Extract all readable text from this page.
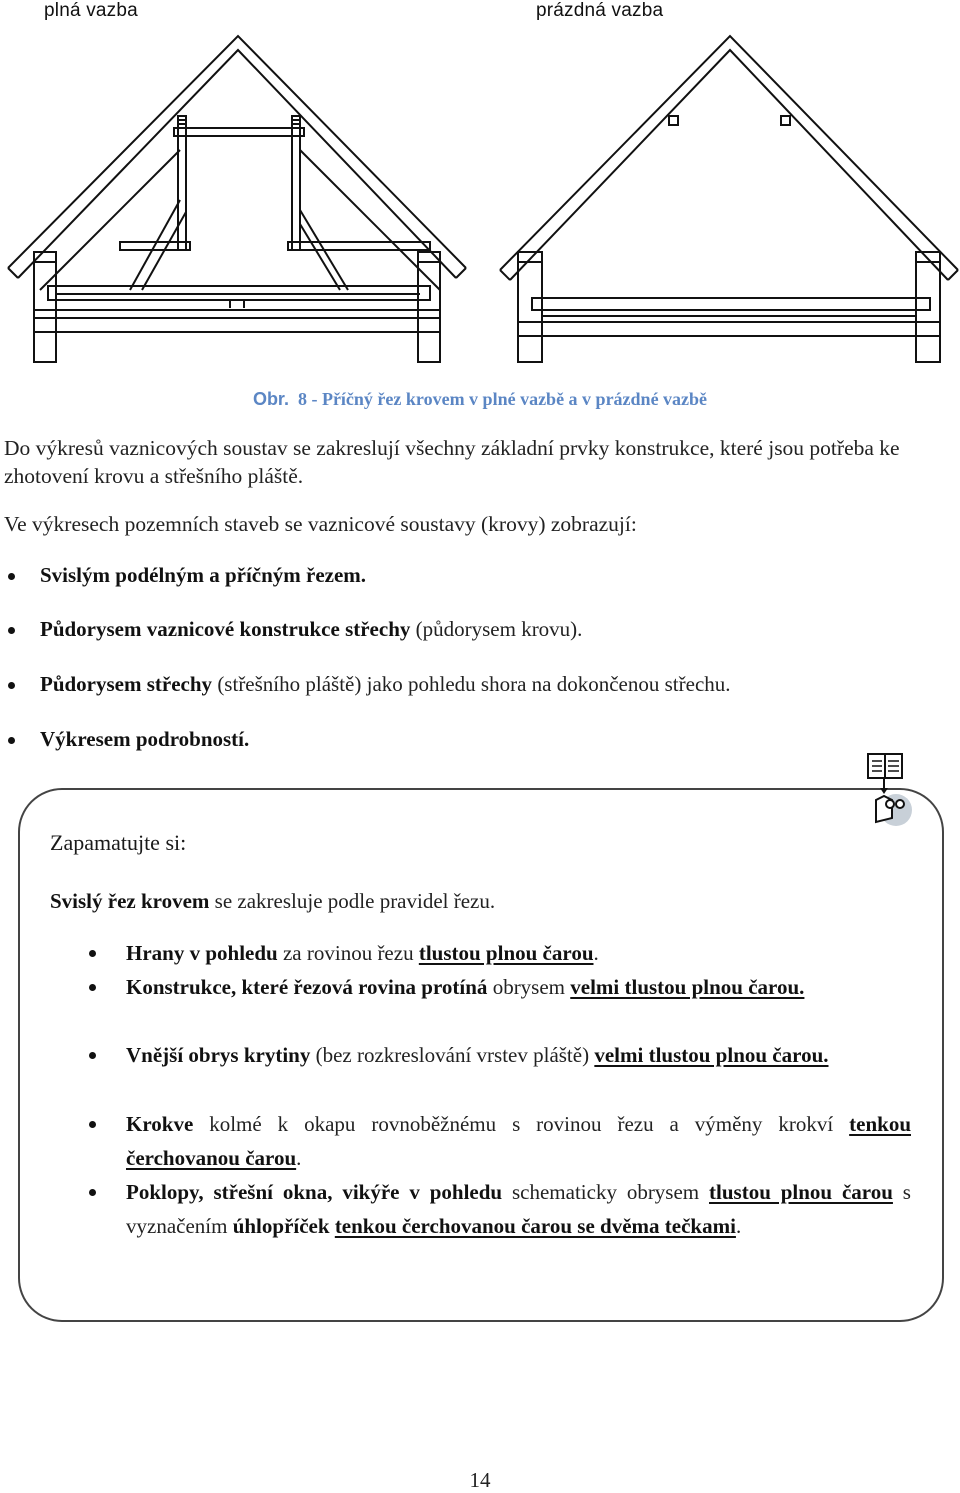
plná vazba	prázdná vazba
Obr. 8 - Příčný řez krovem v plné vazbě a v prázdné vazbě
Do výkresů vaznicových soustav se zakreslují všechny základní prvky konstrukce, které jsou potřeba ke zhotovení krovu a střešního pláště.
Ve výkresech pozemních staveb se vaznicové soustavy (krovy) zobrazují:
Svislým podélným a příčným řezem.
Půdorysem vaznicové konstrukce střechy (půdorysem krovu).
Půdorysem střechy (střešního pláště) jako pohledu shora na dokončenou střechu.
Výkresem podrobností.
Zapamatujte si:
Svislý řez krovem se zakresluje podle pravidel řezu.
Hrany v pohledu za rovinou řezu tlustou plnou čarou.
Konstrukce, které řezová rovina protíná obrysem velmi tlustou plnou čarou.
Vnější obrys krytiny (bez rozkreslování vrstev pláště) velmi tlustou plnou čarou.
Krokve kolmé k okapu rovnoběžnému s rovinou řezu a výměny krokví tenkou čerchovanou čarou.
Poklopy, střešní okna, vikýře v pohledu schematicky obrysem tlustou plnou čarou s vyznačením úhlopříček tenkou čerchovanou čarou se dvěma tečkami.
14
